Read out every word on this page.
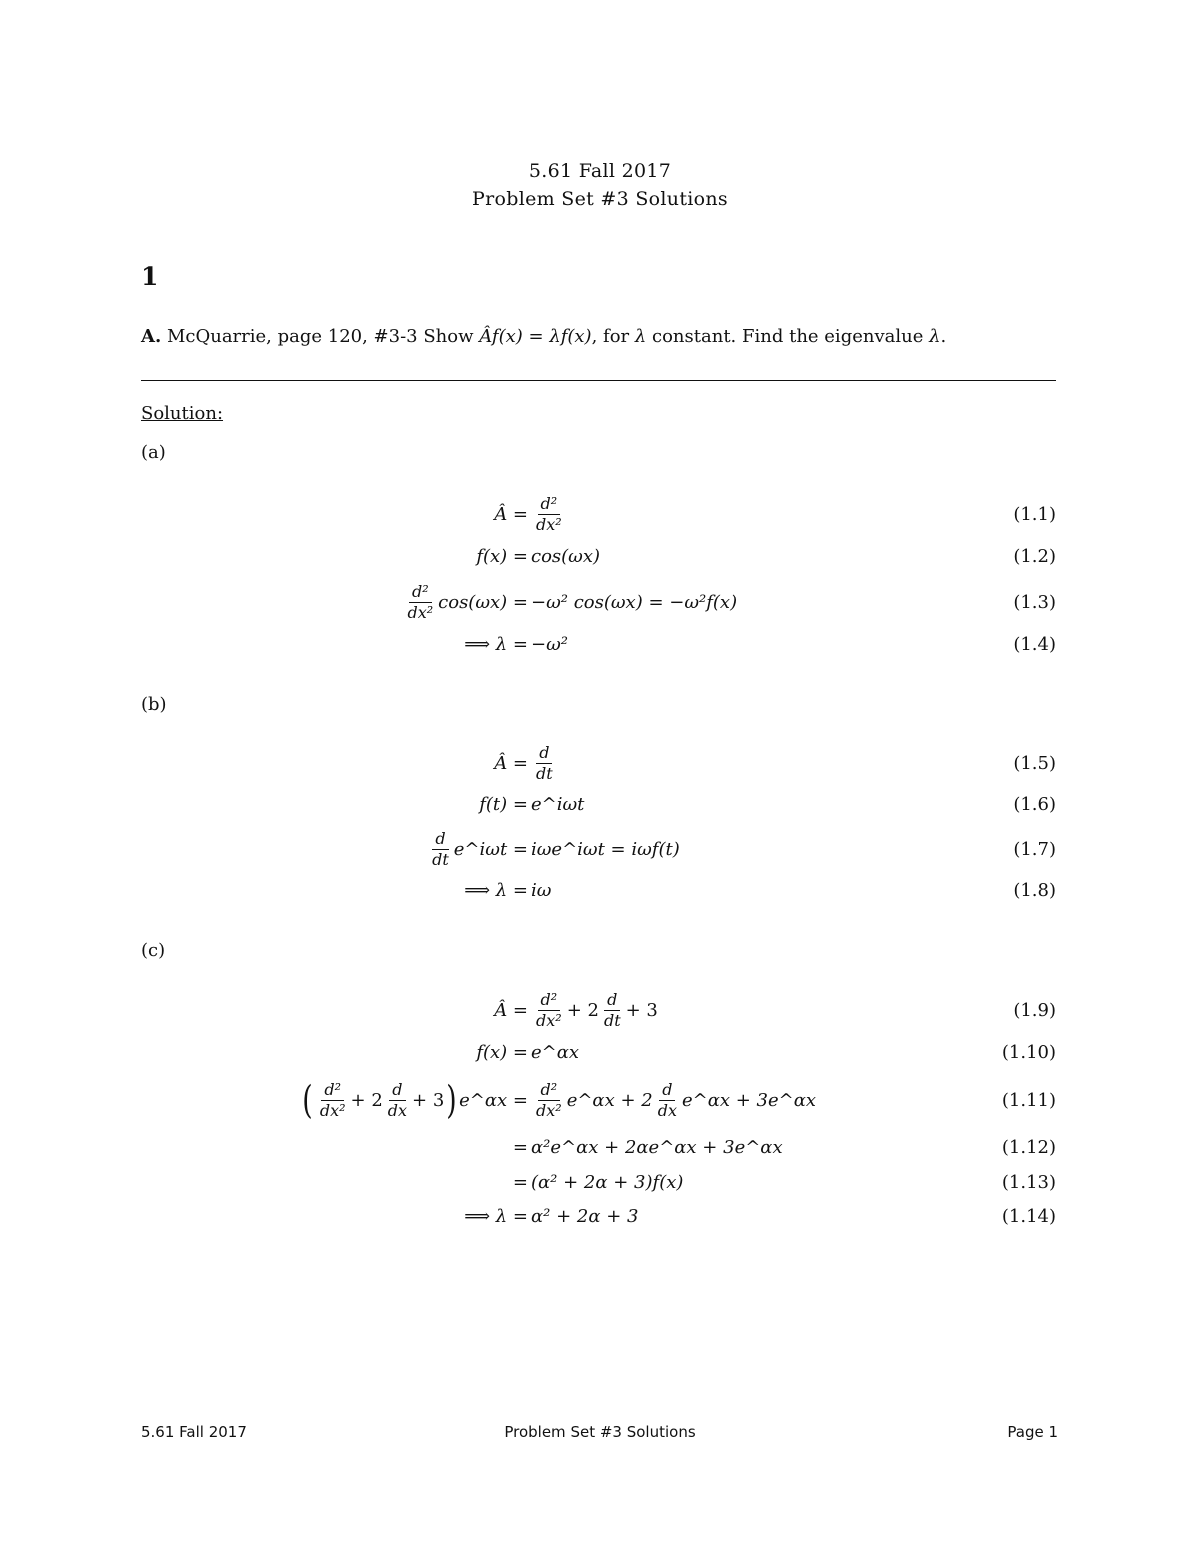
5.61 Fall 2017
Problem Set #3 Solutions
1
A. McQuarrie, page 120, #3-3 Show Âf(x) = λf(x), for λ constant. Find the eigenvalue λ.
Solution:
(a)
Â = $\frac{\text{d²}}{\text{dx²}}$	(1.1)
f(x) = cos(ωx)	(1.2)
$\frac{\text{d²}}{\text{dx²}} \cos(\omega x) = -\omega^2$ cos(ωx) = −ω²f(x)	(1.3)
⟹ λ = −ω²	(1.4)
(b)
Â = $\frac{d}{dt}$	(1.5)
f(t) = e^iωt	(1.6)
$\frac{d}{dt}$ e^iωt = iωe^iωt = iωf(t)	(1.7)
⟹ λ = iω	(1.8)
(c)
Â = $\frac{\text{d²}}{\text{dx²}} + 2 \frac{d}{dt} + 3$	(1.9)
f(x) = e^αx	(1.10)
( $\frac{\text{d²}}{\text{dx²}} + 2 \frac{d}{dx} + 3$ ) e^αx = $\frac{\text{d²}}{\text{dx²}}$ e^αx + $2 \frac{d}{dx}$ e^αx + 3e^αx	(1.11)
= α²e^αx + 2αe^αx + 3e^αx	(1.12)
= (α² + 2α + 3)f(x)	(1.13)
⟹ λ = α² + 2α + 3	(1.14)
5.61 Fall 2017	Problem Set #3 Solutions	Page 1
